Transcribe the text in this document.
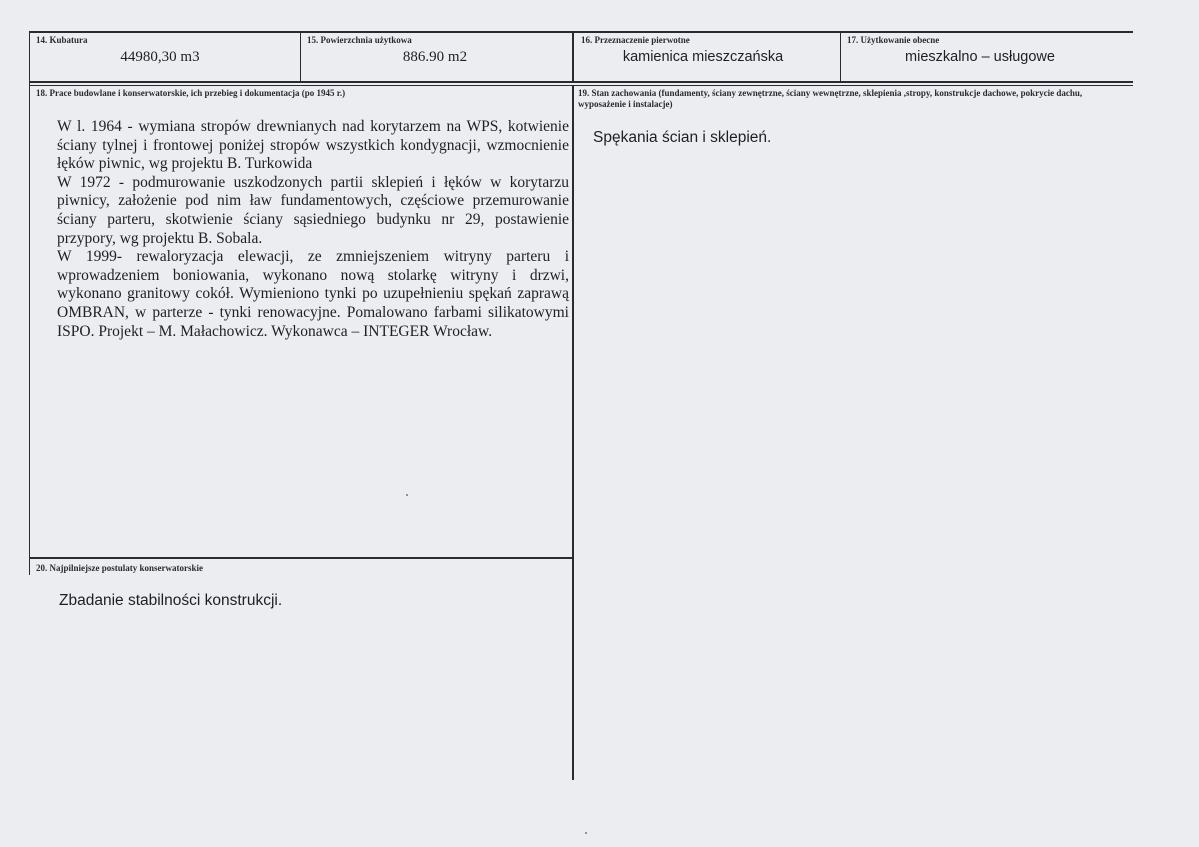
14. Kubatura
44980,30 m3
15. Powierzchnia użytkowa
886.90 m2
16. Przeznaczenie pierwotne
kamienica mieszczańska
17. Użytkowanie obecne
mieszkalno – usługowe
18. Prace budowlane i konserwatorskie, ich przebieg i dokumentacja (po 1945 r.)
W l. 1964 - wymiana stropów drewnianych nad korytarzem na WPS, kotwienie ściany tylnej i frontowej poniżej stropów wszystkich kondygnacji, wzmocnienie łęków piwnic, wg projektu B. Turkowida
W 1972 - podmurowanie uszkodzonych partii sklepień i łęków w korytarzu piwnicy, założenie pod nim ław fundamentowych, częściowe przemurowanie ściany parteru, skotwienie ściany sąsiedniego budynku nr 29, postawienie przypory, wg projektu B. Sobala.
W 1999- rewaloryzacja elewacji, ze zmniejszeniem witryny parteru i wprowadzeniem boniowania, wykonano nową stolarkę witryny i drzwi, wykonano granitowy cokół. Wymieniono tynki po uzupełnieniu spękań zaprawą OMBRAN, w parterze - tynki renowacyjne. Pomalowano farbami silikatowymi ISPO. Projekt – M. Małachowicz. Wykonawca – INTEGER Wrocław.
19. Stan zachowania (fundamenty, ściany zewnętrzne, ściany wewnętrzne, sklepienia ,stropy, konstrukcje dachowe, pokrycie dachu, wyposażenie i instalacje)
Spękania ścian i sklepień.
20. Najpilniejsze postulaty konserwatorskie
Zbadanie stabilności konstrukcji.
